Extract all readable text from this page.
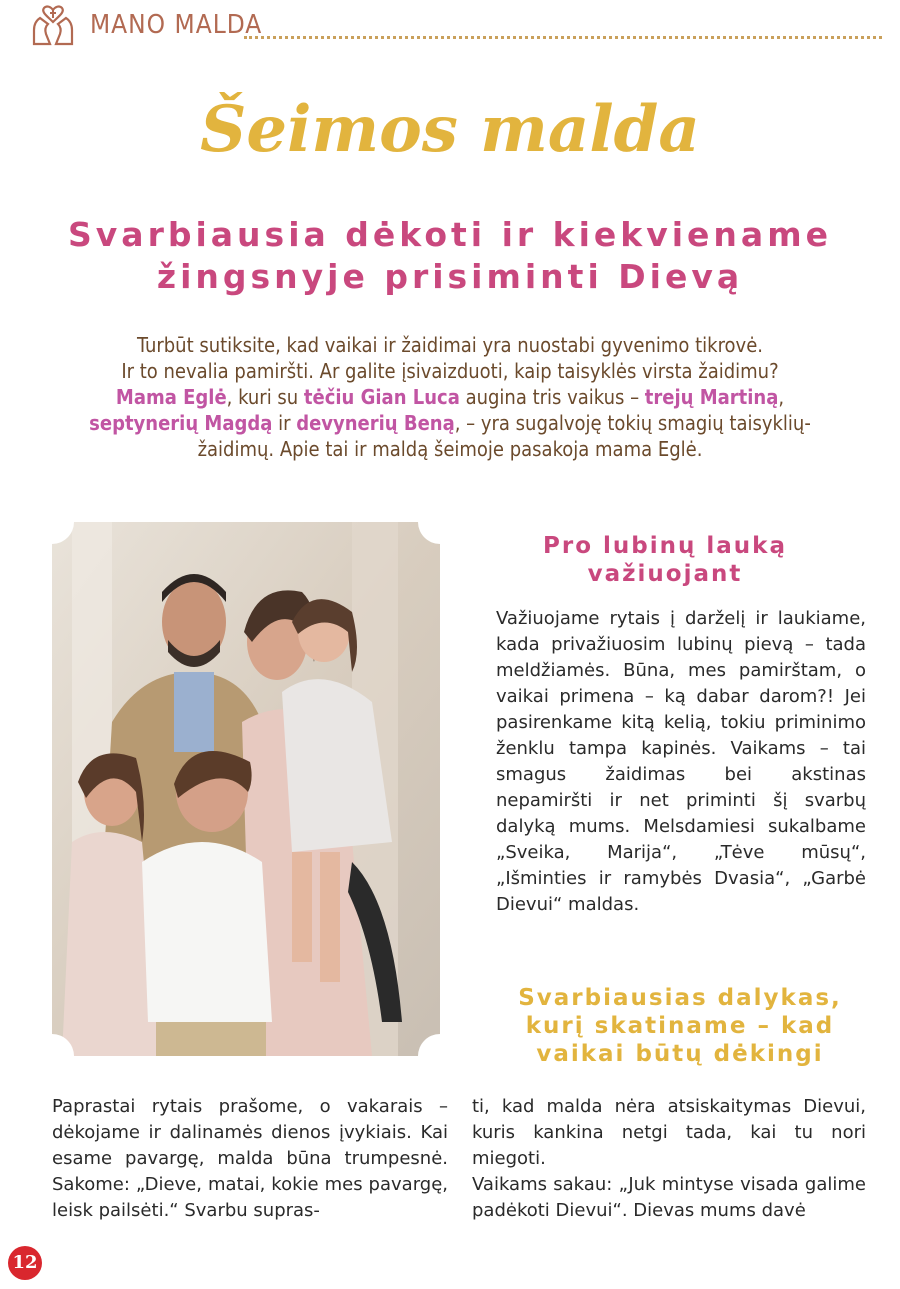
MANO MALDA
Šeimos malda
Svarbiausia dėkoti ir kiekviename
žingsnyje prisiminti Dievą
Turbūt sutiksite, kad vaikai ir žaidimai yra nuostabi gyvenimo tikrovė.
Ir to nevalia pamiršti. Ar galite įsivaizduoti, kaip taisyklės virsta žaidimu?
Mama Eglė, kuri su tėčiu Gian Luca augina tris vaikus – trejų Martiną,
septynerių Magdą ir devynerių Beną, – yra sugalvoję tokių smagių taisyklių-
žaidimų. Apie tai ir maldą šeimoje pasakoja mama Eglė.
Pro lubinų lauką
važiuojant
Važiuojame rytais į darželį ir laukiame, kada privažiuosim lubinų pievą – tada meldžiamės. Būna, mes pamirštam, o vaikai primena – ką dabar darom?! Jei pasirenkame kitą kelią, tokiu priminimo ženklu tampa kapinės. Vaikams – tai smagus žaidimas bei akstinas nepamiršti ir net priminti šį svarbų dalyką mums. Melsdamiesi sukalbame „Sveika, Marija“, „Tėve mūsų“, „Išminties ir ramybės Dvasia“, „Garbė Dievui“ maldas.
Svarbiausias dalykas,
kurį skatiname – kad
vaikai būtų dėkingi
Paprastai rytais prašome, o vakarais – dėkojame ir dalinamės dienos įvykiais. Kai esame pavargę, malda būna trumpesnė. Sakome: „Dieve, matai, kokie mes pavargę, leisk pailsėti.“ Svarbu supras-

ti, kad malda nėra atsiskaitymas Dievui, kuris kankina netgi tada, kai tu nori miegoti.

Vaikams sakau: „Juk mintyse visada galime padėkoti Dievui“. Dievas mums davė

12
